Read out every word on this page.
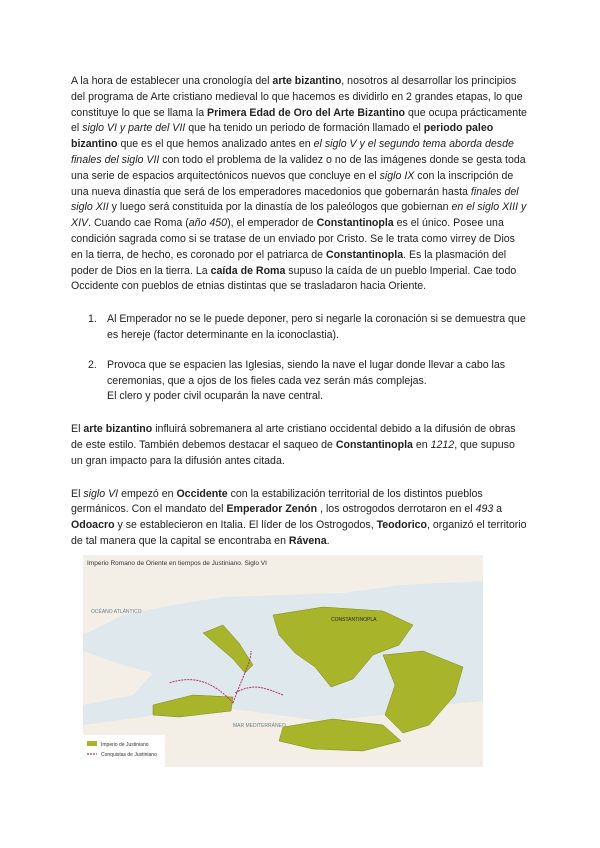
A la hora de establecer una cronología del arte bizantino, nosotros al desarrollar los principios del programa de Arte cristiano medieval lo que hacemos es dividirlo en 2 grandes etapas, lo que constituye lo que se llama la Primera Edad de Oro del Arte Bizantino que ocupa prácticamente el siglo VI y parte del VII que ha tenido un periodo de formación llamado el periodo paleo bizantino que es el que hemos analizado antes en el siglo V y el segundo tema aborda desde finales del siglo VII con todo el problema de la validez o no de las imágenes donde se gesta toda una serie de espacios arquitectónicos nuevos que concluye en el siglo IX con la inscripción de una nueva dinastía que será de los emperadores macedonios que gobernarán hasta finales del siglo XII y luego será constituida por la dinastía de los paleólogos que gobiernan en el siglo XIII y XIV. Cuando cae Roma (año 450), el emperador de Constantinopla es el único. Posee una condición sagrada como si se tratase de un enviado por Cristo. Se le trata como virrey de Dios en la tierra, de hecho, es coronado por el patriarca de Constantinopla. Es la plasmación del poder de Dios en la tierra. La caída de Roma supuso la caída de un pueblo Imperial. Cae todo Occidente con pueblos de etnias distintas que se trasladaron hacia Oriente.

1. Al Emperador no se le puede deponer, pero si negarle la coronación si se demuestra que es hereje (factor determinante en la iconoclastia).
2. Provoca que se espacien las Iglesias, siendo la nave el lugar donde llevar a cabo las ceremonias, que a ojos de los fieles cada vez serán más complejas.
El clero y poder civil ocuparán la nave central.

El arte bizantino influirá sobremanera al arte cristiano occidental debido a la difusión de obras de este estilo. También debemos destacar el saqueo de Constantinopla en 1212, que supuso un gran impacto para la difusión antes citada.

El siglo VI empezó en Occidente con la estabilización territorial de los distintos pueblos germánicos. Con el mandato del Emperador Zenón , los ostrogodos derrotaron en el 493 a Odoacro y se establecieron en Italia. El líder de los Ostrogodos, Teodorico, organizó el territorio de tal manera que la capital se encontraba en Rávena.

Imperio Romano de Oriente en tiempos de Justiniano. Siglo VI
OCÉANO ATLÁNTICO
MAR MEDITERRÁNEO
CONSTANTINOPLA
Imperio de Justiniano
Conquistas de Justiniano
